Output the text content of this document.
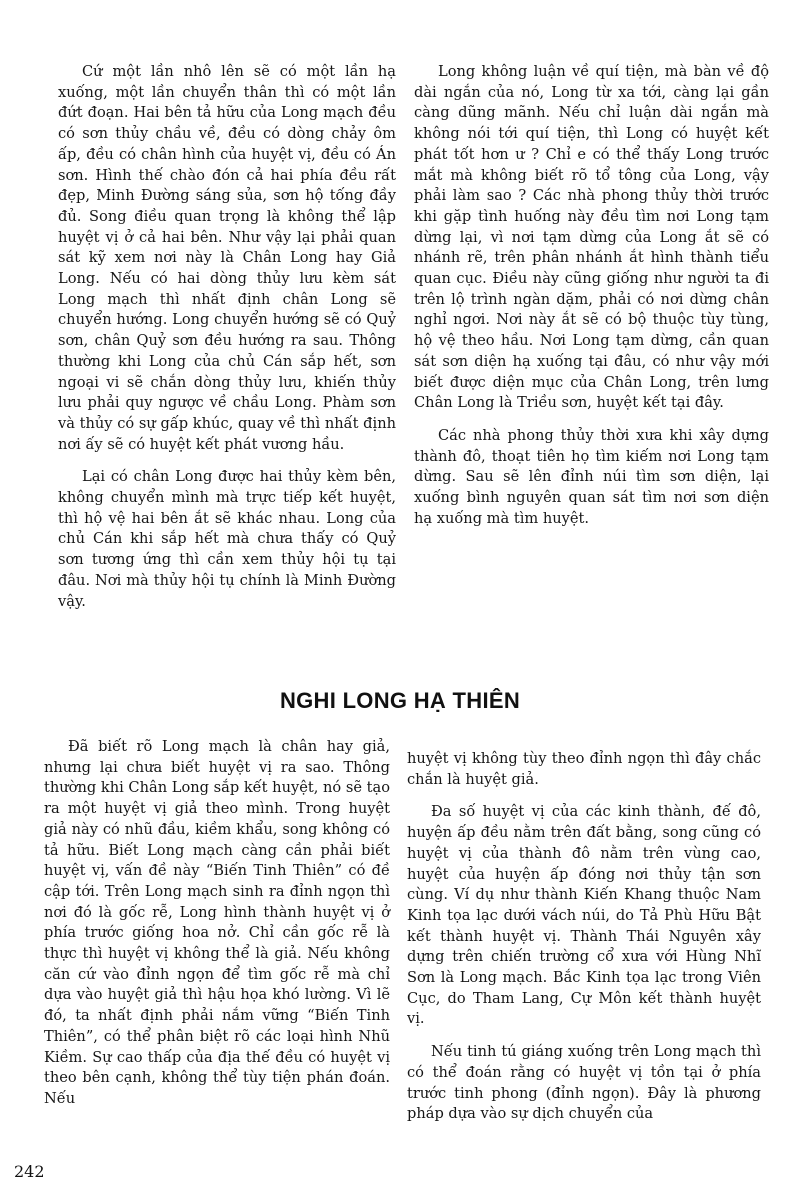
Cứ một lần nhô lên sẽ có một lần hạ xuống, một lần chuyển thân thì có một lần đứt đoạn. Hai bên tả hữu của Long mạch đều có sơn thủy chầu về, đều có dòng chảy ôm ấp, đều có chân hình của huyệt vị, đều có Án sơn. Hình thế chào đón cả hai phía đều rất đẹp, Minh Đường sáng sủa, sơn hộ tống đầy đủ. Song điều quan trọng là không thể lập huyệt vị ở cả hai bên. Như vậy lại phải quan sát kỹ xem nơi này là Chân Long hay Giả Long. Nếu có hai dòng thủy lưu kèm sát Long mạch thì nhất định chân Long sẽ chuyển hướng. Long chuyển hướng sẽ có Quỷ sơn, chân Quỷ sơn đều hướng ra sau. Thông thường khi Long của chủ Cán sắp hết, sơn ngoại vi sẽ chắn dòng thủy lưu, khiến thủy lưu phải quy ngược về chầu Long. Phàm sơn và thủy có sự gấp khúc, quay về thì nhất định nơi ấy sẽ có huyệt kết phát vương hầu.

Lại có chân Long được hai thủy kèm bên, không chuyển mình mà trực tiếp kết huyệt, thì hộ vệ hai bên ắt sẽ khác nhau. Long của chủ Cán khi sắp hết mà chưa thấy có Quỷ sơn tương ứng thì cần xem thủy hội tụ tại đâu. Nơi mà thủy hội tụ chính là Minh Đường vậy.

Long không luận về quí tiện, mà bàn về độ dài ngắn của nó, Long từ xa tới, càng lại gần càng dũng mãnh. Nếu chỉ luận dài ngắn mà không nói tới quí tiện, thì Long có huyệt kết phát tốt hơn ư ? Chỉ e có thể thấy Long trước mắt mà không biết rõ tổ tông của Long, vậy phải làm sao ? Các nhà phong thủy thời trước khi gặp tình huống này đều tìm nơi Long tạm dừng lại, vì nơi tạm dừng của Long ắt sẽ có nhánh rẽ, trên phân nhánh ắt hình thành tiểu quan cục. Điều này cũng giống như người ta đi trên lộ trình ngàn dặm, phải có nơi dừng chân nghỉ ngơi. Nơi này ắt sẽ có bộ thuộc tùy tùng, hộ vệ theo hầu. Nơi Long tạm dừng, cần quan sát sơn diện hạ xuống tại đâu, có như vậy mới biết được diện mục của Chân Long, trên lưng Chân Long là Triều sơn, huyệt kết tại đây.

Các nhà phong thủy thời xưa khi xây dựng thành đô, thoạt tiên họ tìm kiếm nơi Long tạm dừng. Sau sẽ lên đỉnh núi tìm sơn diện, lại xuống bình nguyên quan sát tìm nơi sơn diện hạ xuống mà tìm huyệt.

NGHI LONG HẠ THIÊN

Đã biết rõ Long mạch là chân hay giả, nhưng lại chưa biết huyệt vị ra sao. Thông thường khi Chân Long sắp kết huyệt, nó sẽ tạo ra một huyệt vị giả theo mình. Trong huyệt giả này có nhũ đầu, kiềm khẩu, song không có tả hữu. Biết Long mạch càng cần phải biết huyệt vị, vấn đề này “Biến Tinh Thiên” có đề cập tới. Trên Long mạch sinh ra đỉnh ngọn thì nơi đó là gốc rễ, Long hình thành huyệt vị ở phía trước giống hoa nở. Chỉ cần gốc rễ là thực thì huyệt vị không thể là giả. Nếu không căn cứ vào đỉnh ngọn để tìm gốc rễ mà chỉ dựa vào huyệt giả thì hậu họa khó lường. Vì lẽ đó, ta nhất định phải nắm vững “Biến Tinh Thiên”, có thể phân biệt rõ các loại hình Nhũ Kiềm. Sự cao thấp của địa thế đều có huyệt vị theo bên cạnh, không thể tùy tiện phán đoán. Nếu

huyệt vị không tùy theo đỉnh ngọn thì đây chắc chắn là huyệt giả.

Đa số huyệt vị của các kinh thành, đế đô, huyện ấp đều nằm trên đất bằng, song cũng có huyệt vị của thành đô nằm trên vùng cao, huyệt của huyện ấp đóng nơi thủy tận sơn cùng. Ví dụ như thành Kiến Khang thuộc Nam Kinh tọa lạc dưới vách núi, do Tả Phù Hữu Bật kết thành huyệt vị. Thành Thái Nguyên xây dựng trên chiến trường cổ xưa với Hùng Nhĩ Sơn là Long mạch. Bắc Kinh tọa lạc trong Viên Cục, do Tham Lang, Cự Môn kết thành huyệt vị.

Nếu tinh tú giáng xuống trên Long mạch thì có thể đoán rằng có huyệt vị tồn tại ở phía trước tinh phong (đỉnh ngọn). Đây là phương pháp dựa vào sự dịch chuyển của

242
